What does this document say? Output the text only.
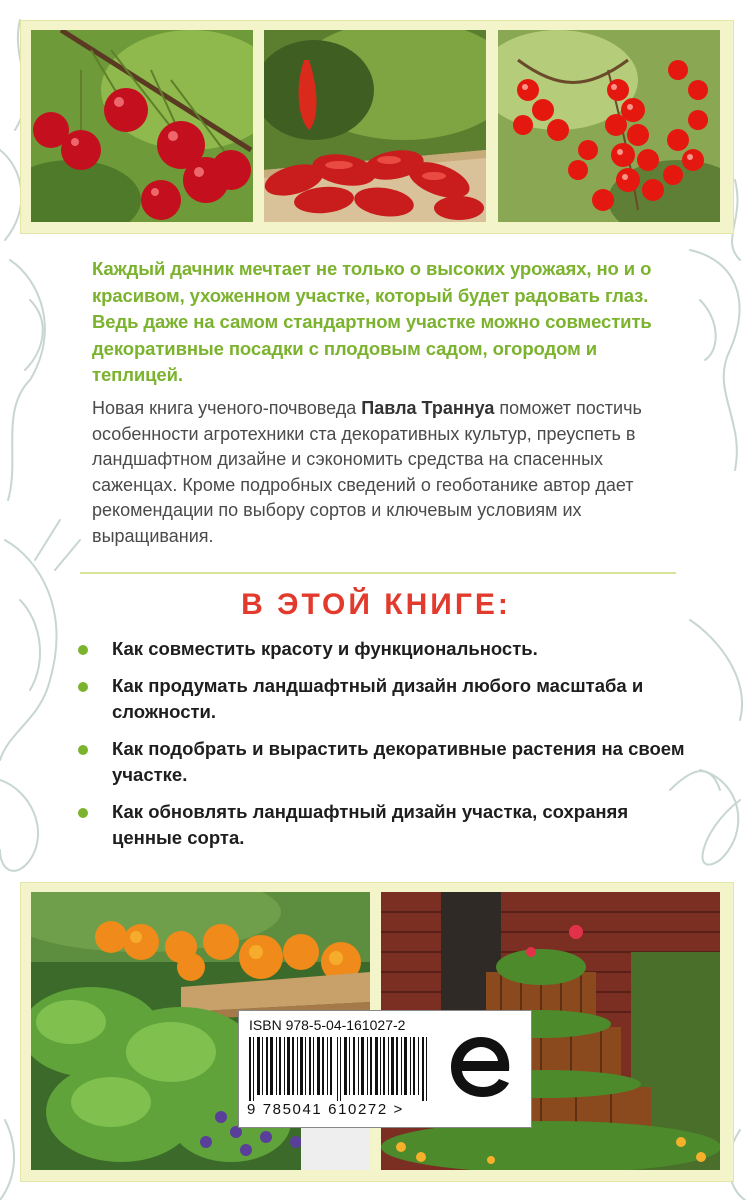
Каждый дачник мечтает не только о высоких урожаях, но и о красивом, ухоженном участке, который будет радовать глаз. Ведь даже на самом стандартном участке можно совместить декоративные посадки с плодовым садом, огородом и теплицей.
Новая книга ученого-почвоведа Павла Траннуа поможет постичь особенности агротехники ста декоративных культур, преуспеть в ландшафтном дизайне и сэкономить средства на спасенных саженцах. Кроме подробных сведений о геоботанике автор дает рекомендации по выбору сортов и ключевым условиям их выращивания.
В ЭТОЙ КНИГЕ:
Как совместить красоту и функциональность.
Как продумать ландшафтный дизайн любого масштаба и сложности.
Как подобрать и вырастить декоративные растения на своем участке.
Как обновлять ландшафтный дизайн участка, сохраняя ценные сорта.
ISBN 978-5-04-161027-2
9 785041 610272 >
